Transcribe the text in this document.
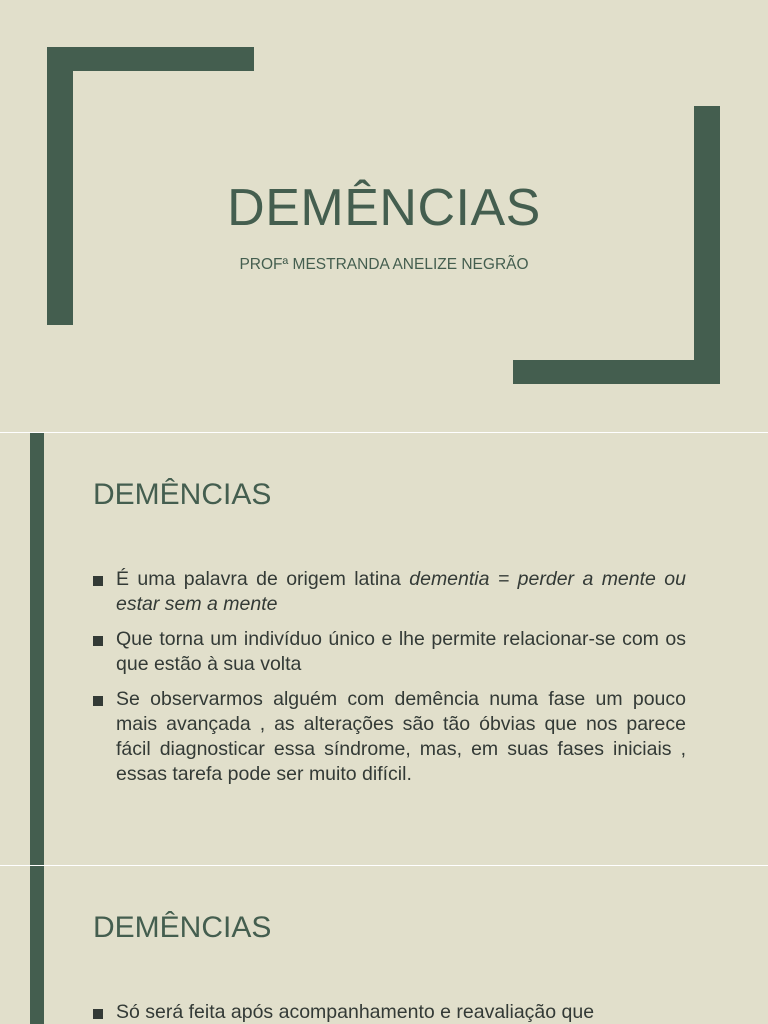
DEMÊNCIAS
PROFª MESTRANDA ANELIZE NEGRÃO
DEMÊNCIAS
É uma palavra de origem latina dementia = perder a mente ou estar sem a mente
Que torna um indivíduo único e lhe permite relacionar-se com os que estão à sua volta
Se observarmos alguém com demência numa fase um pouco mais avançada , as alterações são tão óbvias que nos parece fácil diagnosticar essa síndrome, mas, em suas fases iniciais , essas tarefa pode ser muito difícil.
DEMÊNCIAS
Só será feita após acompanhamento e reavaliação que
